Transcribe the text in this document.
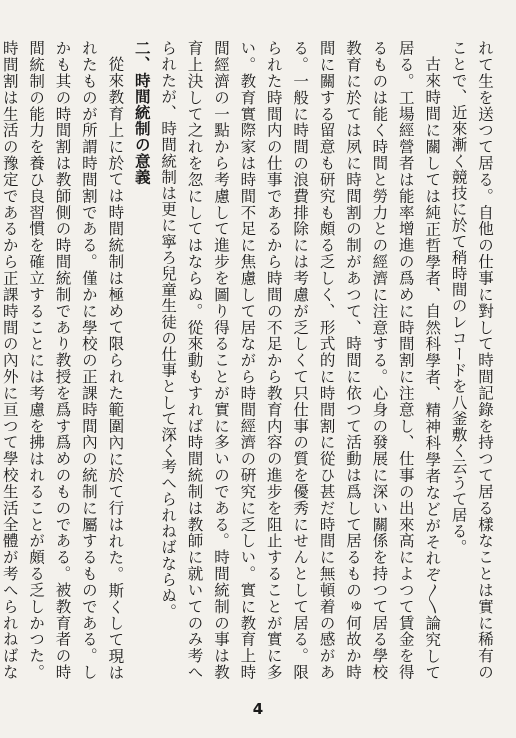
れて生を送つて居る。自他の仕事に對して時間記錄を持つて居る樣なことは實に稀有のことで、近來漸く競技に於て稍時間のレコードを八釜敷く云うて居る。

古來時間に關しては純正哲學者、自然科學者、精神科學者などがそれぞ〱論究して居る。工場經營者は能率增進の爲めに時間割に注意し、仕事の出來高によつて賃金を得るものは能く時間と勞力との經濟に注意する。心身の發展に深い關係を持つて居る學校教育に於ては夙に時間割の制があつて、時間に依つて活動は爲して居るものゅ何故か時間に關する留意も研究も頗る乏しく、形式的に時間割に從ひ甚だ時間に無頓着の感がある。一般に時間の浪費排除には考慮が乏しくて只仕事の質を優秀にせんとして居る。限られた時間内の仕事であるから時間の不足から教育内容の進步を阻止することが實に多い。教育實際家は時間不足に焦慮して居ながら時間經濟の硏究に乏しい。實に教育上時間經濟の一點から考慮して進步を圖り得ることが實に多いのである。時間統制の事は教育上決して之れを忽にしてはならぬ。從來動もすれば時間統制は教師に就いてのみ考へられたが、時間統制は更に寧ろ兒童生徒の仕事として深く考へられねばならぬ。

二、時間統制の意義

從來教育上に於ては時間統制は極めて限られた範圍內に於て行はれた。斯くして現はれたものが所謂時間割である。僅かに學校の正課時間內の統制に屬するものである。しかも其の時間割は教師側の時間統制であり教授を爲す爲めのものである。被教育者の時間統制の能力を養ひ良習慣を確立することには考慮を拂はれることが頗る乏しかつた。時間割は生活の豫定であるから正課時間の內外に亘つて學校生活全體が考へられねばな

4
